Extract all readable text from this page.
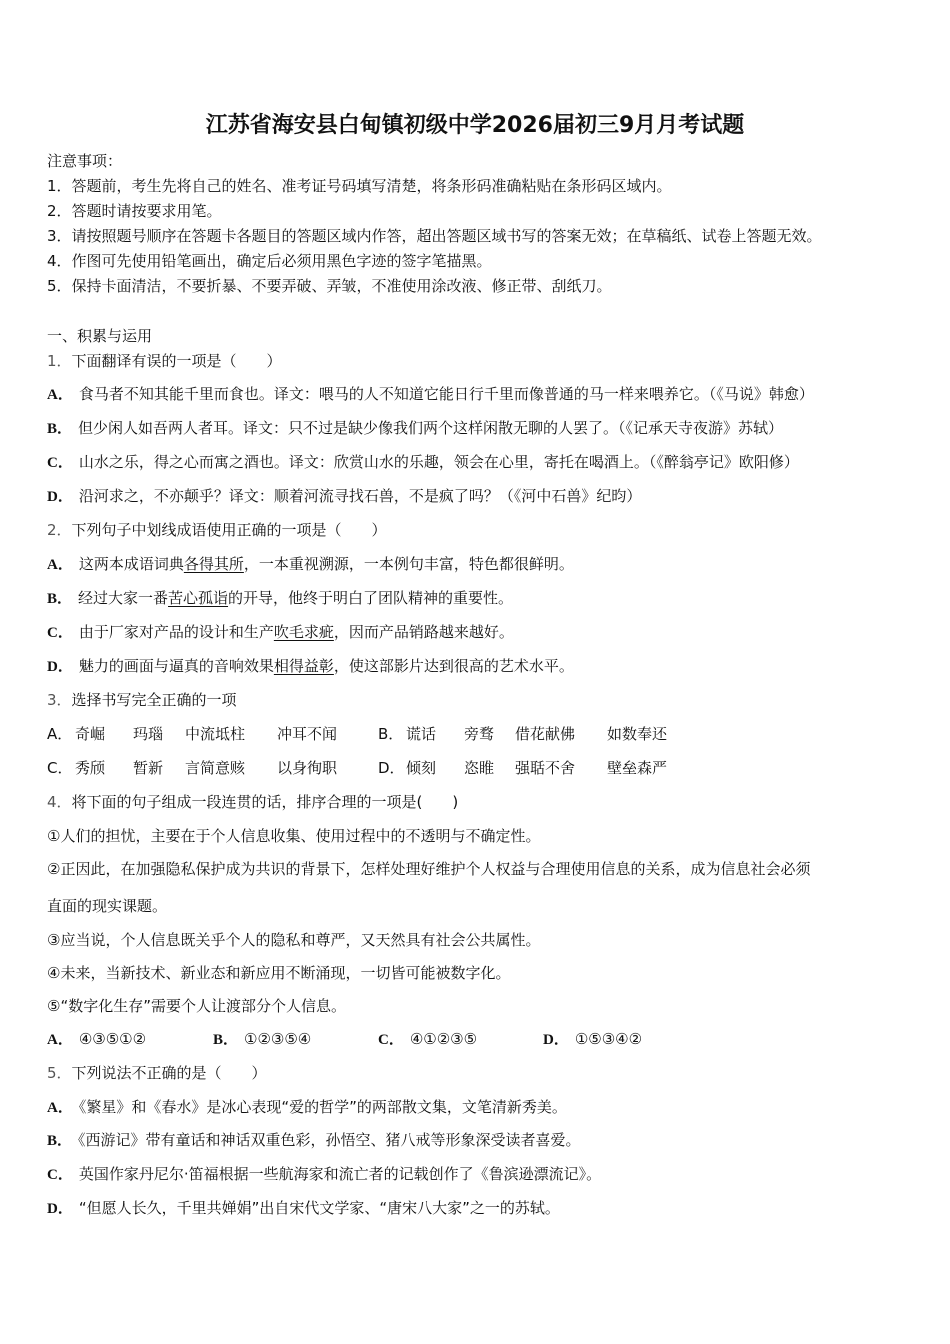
江苏省海安县白甸镇初级中学2026届初三9月月考试题
注意事项：
1．答题前，考生先将自己的姓名、准考证号码填写清楚，将条形码准确粘贴在条形码区域内。
2．答题时请按要求用笔。
3．请按照题号顺序在答题卡各题目的答题区域内作答，超出答题区域书写的答案无效；在草稿纸、试卷上答题无效。
4．作图可先使用铅笔画出，确定后必须用黑色字迹的签字笔描黑。
5．保持卡面清洁，不要折暴、不要弄破、弄皱，不准使用涂改液、修正带、刮纸刀。
一、积累与运用
1．下面翻译有误的一项是（　　）
A． 食马者不知其能千里而食也。译文：喂马的人不知道它能日行千里而像普通的马一样来喂养它。（《马说》韩愈）
B． 但少闲人如吾两人者耳。译文：只不过是缺少像我们两个这样闲散无聊的人罢了。（《记承天寺夜游》苏轼）
C． 山水之乐，得之心而寓之酒也。译文：欣赏山水的乐趣，领会在心里，寄托在喝酒上。（《醉翁亭记》欧阳修）
D． 沿河求之，不亦颠乎？译文：顺着河流寻找石兽，不是疯了吗？（《河中石兽》纪昀）
2．下列句子中划线成语使用正确的一项是（　　）
A． 这两本成语词典各得其所，一本重视溯源，一本例句丰富，特色都很鲜明。
B． 经过大家一番苦心孤诣的开导，他终于明白了团队精神的重要性。
C． 由于厂家对产品的设计和生产吹毛求疵，因而产品销路越来越好。
D． 魅力的画面与逼真的音响效果相得益彰，使这部影片达到很高的艺术水平。
3．选择书写完全正确的一项
A． 奇崛 玛瑙 中流坻柱 冲耳不闻	B． 谎话 旁骛 借花献佛 如数奉还
C． 秀颀 暂新 言简意赅 以身徇职	D． 倾刻 恣睢 强聒不舍 壁垒森严
4．将下面的句子组成一段连贯的话，排序合理的一项是(　　)
①人们的担忧，主要在于个人信息收集、使用过程中的不透明与不确定性。
②正因此，在加强隐私保护成为共识的背景下，怎样处理好维护个人权益与合理使用信息的关系，成为信息社会必须
直面的现实课题。
③应当说，个人信息既关乎个人的隐私和尊严，又天然具有社会公共属性。
④未来，当新技术、新业态和新应用不断涌现，一切皆可能被数字化。
⑤“数字化生存”需要个人让渡部分个人信息。
A． ④③⑤①②	B． ①②③⑤④	C． ④①②③⑤	D． ①⑤③④②
5．下列说法不正确的是（　　）
A． 《繁星》和《春水》是冰心表现“爱的哲学”的两部散文集，文笔清新秀美。
B． 《西游记》带有童话和神话双重色彩，孙悟空、猪八戒等形象深受读者喜爱。
C． 英国作家丹尼尔·笛福根据一些航海家和流亡者的记载创作了《鲁滨逊漂流记》。
D． “但愿人长久，千里共婵娟”出自宋代文学家、“唐宋八大家”之一的苏轼。
